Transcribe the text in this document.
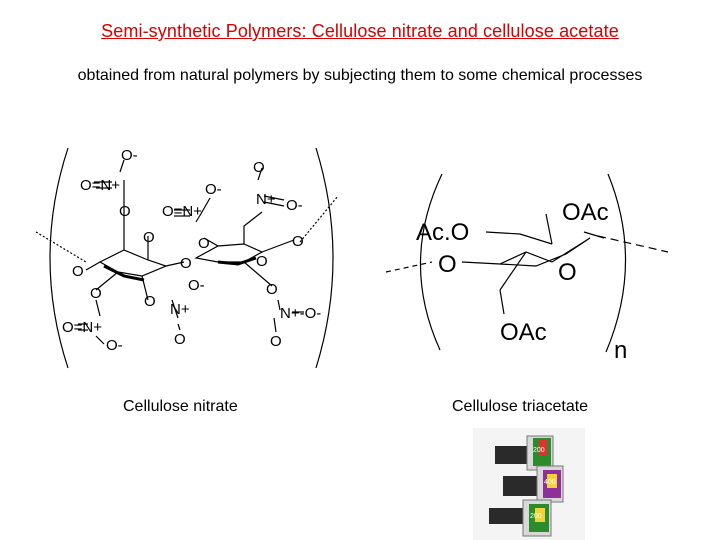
Semi-synthetic Polymers: Cellulose nitrate and cellulose acetate
obtained from natural polymers by subjecting them to some chemical processes
O-
O=N+
O
O
N+ O-
O-
O=N+
O
O
O	O	O
O
O
O=N+
O-
O N+
O-
O
O
N+-O-
O
OAc
Ac.O
O	O
OAc
n
Cellulose nitrate	Cellulose triacetate
200
400
200
